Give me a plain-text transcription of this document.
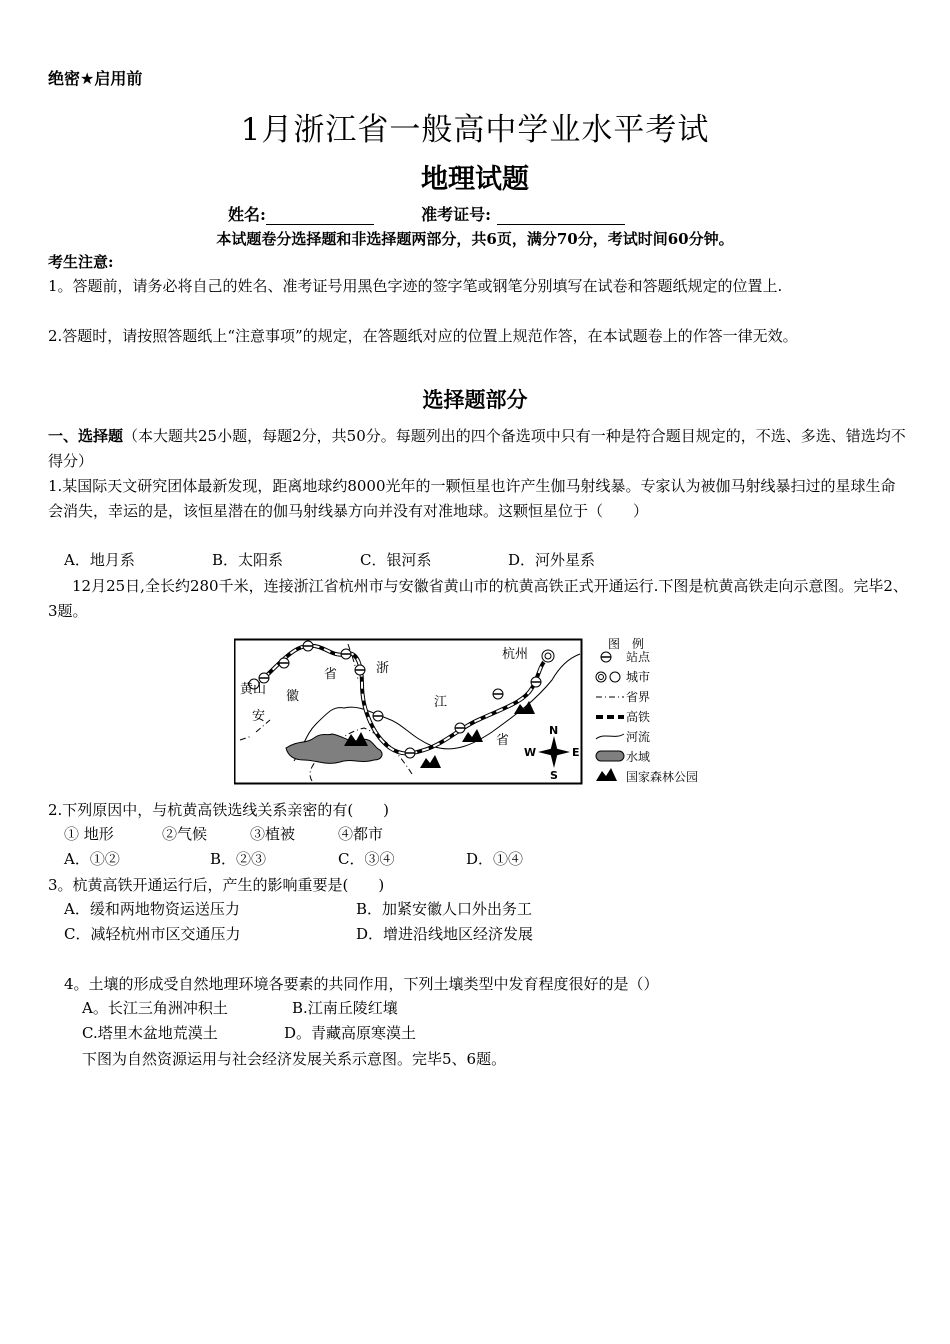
绝密★启用前
1月浙江省一般高中学业水平考试
地理试题
姓名:	准考证号:
本试题卷分选择题和非选择题两部分，共6页，满分70分，考试时间60分钟。
考生注意:
1。答题前，请务必将自己的姓名、准考证号用黑色字迹的签字笔或钢笔分别填写在试卷和答题纸规定的位置上.
2.答题时，请按照答题纸上“注意事项”的规定，在答题纸对应的位置上规范作答，在本试题卷上的作答一律无效。
选择题部分
一、选择题（本大题共25小题，每题2分，共50分。每题列出的四个备选项中只有一种是符合题目规定的，不选、多选、错选均不得分）
1.某国际天文研究团体最新发现，距离地球约8000光年的一颗恒星也许产生伽马射线暴。专家认为被伽马射线暴扫过的星球生命会消失，幸运的是，该恒星潜在的伽马射线暴方向并没有对准地球。这颗恒星位于（　　）
A．地月系	B．太阳系	C．银河系	D．河外星系
12月25日,全长约280千米，连接浙江省杭州市与安徽省黄山市的杭黄高铁正式开通运行.下图是杭黄高铁走向示意图。完毕2、3题。
黄山
杭州
安
徽
省	浙
江
省
N
S
E
W
图　例
站点
城市
省界
高铁
河流
水域
国家森林公园
2.下列原因中，与杭黄高铁选线关系亲密的有(　　)
① 地形	②气候	③植被	④都市
A．①②	B．②③	C．③④	D．①④
3。杭黄高铁开通运行后，产生的影响重要是(　　)
A．缓和两地物资运送压力	B．加紧安徽人口外出务工
C．减轻杭州市区交通压力	D．增进沿线地区经济发展
4。土壤的形成受自然地理环境各要素的共同作用，下列土壤类型中发育程度很好的是（）
A。长江三角洲冲积土	B.江南丘陵红壤
C.塔里木盆地荒漠土	D。青藏高原寒漠土
下图为自然资源运用与社会经济发展关系示意图。完毕5、6题。
